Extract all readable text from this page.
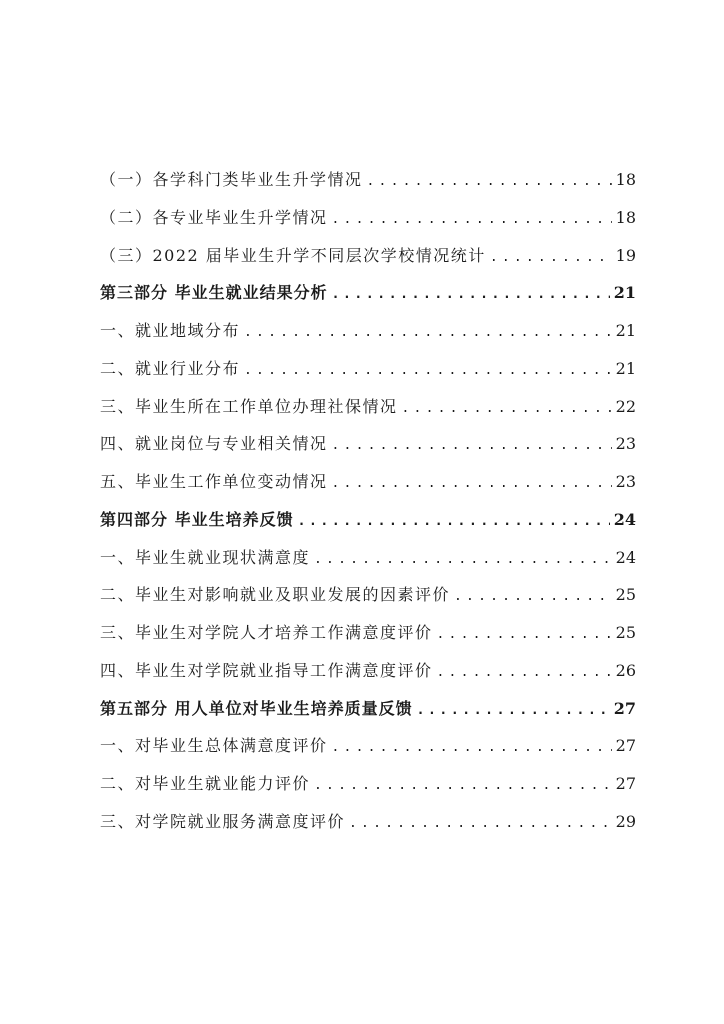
（一）各学科门类毕业生升学情况 .....	18
（二）各专业毕业生升学情况 .....	18
（三）2022 届毕业生升学不同层次学校情况统计 .....	19
第三部分 毕业生就业结果分析 .....	21
一、就业地域分布 .....	21
二、就业行业分布 .....	21
三、毕业生所在工作单位办理社保情况 .....	22
四、就业岗位与专业相关情况 .....	23
五、毕业生工作单位变动情况 .....	23
第四部分 毕业生培养反馈 .....	24
一、毕业生就业现状满意度 .....	24
二、毕业生对影响就业及职业发展的因素评价 .....	25
三、毕业生对学院人才培养工作满意度评价 .....	25
四、毕业生对学院就业指导工作满意度评价 .....	26
第五部分 用人单位对毕业生培养质量反馈 .....	27
一、对毕业生总体满意度评价 .....	27
二、对毕业生就业能力评价 .....	27
三、对学院就业服务满意度评价 .....	29
